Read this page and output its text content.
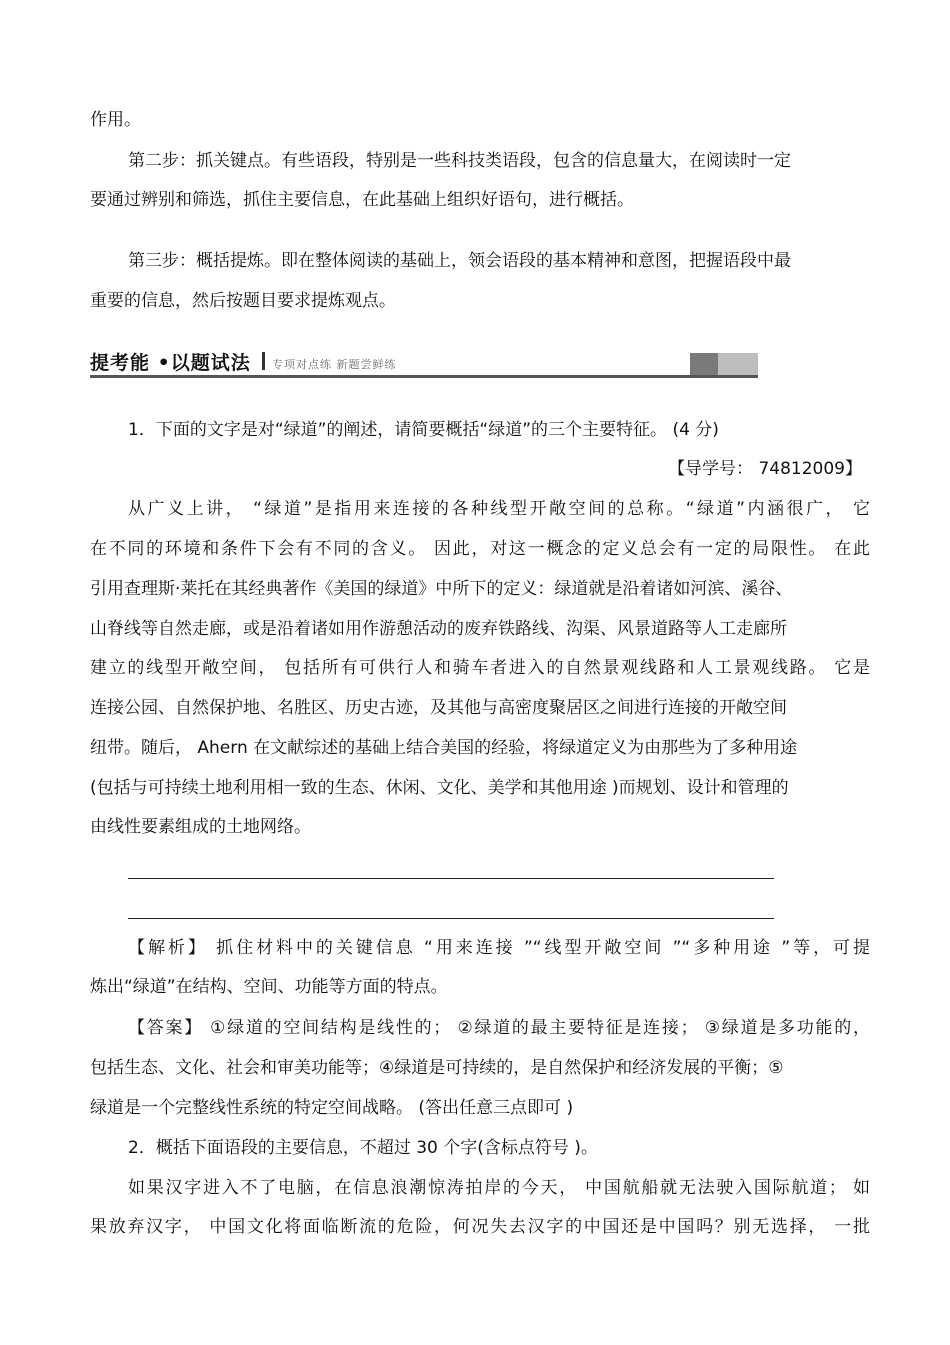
作用。
第二步：抓关键点。有些语段，特别是一些科技类语段，包含的信息量大，在阅读时一定
要通过辨别和筛选，抓住主要信息，在此基础上组织好语句，进行概括。
第三步：概括提炼。即在整体阅读的基础上，领会语段的基本精神和意图，把握语段中最
重要的信息，然后按题目要求提炼观点。
提考能 •以题试法 专项对点练 新题尝鲜练
1．下面的文字是对“绿道”的阐述，请简要概括“绿道”的三个主要特征。 (4 分)
【导学号： 74812009】
从广义上讲， “绿道”是指用来连接的各种线型开敞空间的总称。“绿道”内涵很广， 它
在不同的环境和条件下会有不同的含义。 因此，对这一概念的定义总会有一定的局限性。 在此
引用查理斯·莱托在其经典著作《美国的绿道》中所下的定义：绿道就是沿着诸如河滨、溪谷、
山脊线等自然走廊，或是沿着诸如用作游憩活动的废弃铁路线、沟渠、风景道路等人工走廊所
建立的线型开敞空间， 包括所有可供行人和骑车者进入的自然景观线路和人工景观线路。 它是
连接公园、自然保护地、名胜区、历史古迹，及其他与高密度聚居区之间进行连接的开敞空间
纽带。随后， Ahern 在文献综述的基础上结合美国的经验，将绿道定义为由那些为了多种用途
(包括与可持续土地利用相一致的生态、休闲、文化、美学和其他用途 )而规划、设计和管理的
由线性要素组成的土地网络。
【解析】 抓住材料中的关键信息 “用来连接 ”“线型开敞空间 ”“多种用途 ”等，可提
炼出“绿道”在结构、空间、功能等方面的特点。
【答案】 ①绿道的空间结构是线性的； ②绿道的最主要特征是连接； ③绿道是多功能的，
包括生态、文化、社会和审美功能等；④绿道是可持续的，是自然保护和经济发展的平衡；⑤
绿道是一个完整线性系统的特定空间战略。 (答出任意三点即可 )
2．概括下面语段的主要信息，不超过 30 个字(含标点符号 )。
如果汉字进入不了电脑，在信息浪潮惊涛拍岸的今天， 中国航船就无法驶入国际航道； 如
果放弃汉字， 中国文化将面临断流的危险，何况失去汉字的中国还是中国吗？别无选择， 一批
